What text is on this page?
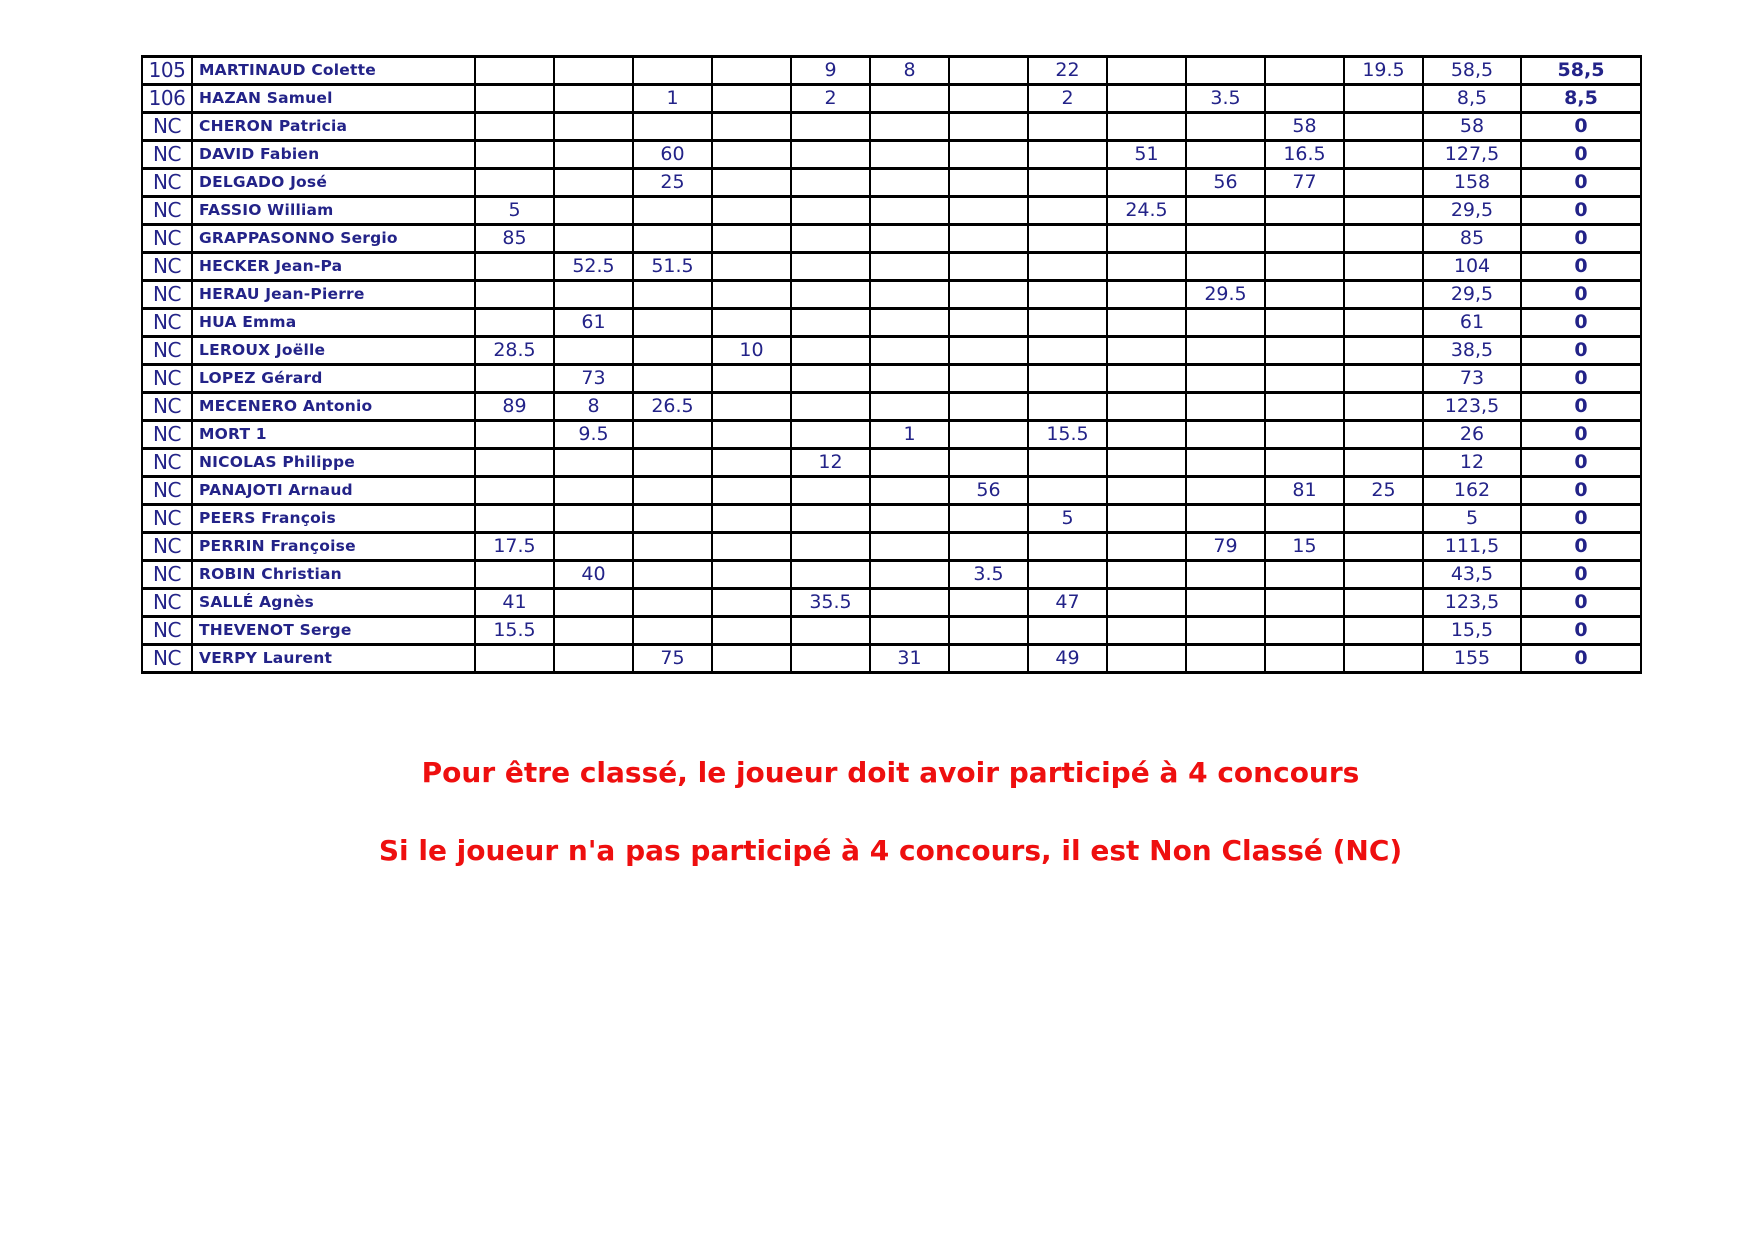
105	MARTINAUD Colette					9	8		22				19.5	58,5	58,5
106	HAZAN Samuel			1		2			2		3.5			8,5	8,5
NC	CHERON Patricia											58		58	0
NC	DAVID Fabien			60						51		16.5		127,5	0
NC	DELGADO José			25							56	77		158	0
NC	FASSIO William	5								24.5				29,5	0
NC	GRAPPASONNO Sergio	85												85	0
NC	HECKER Jean-Pa		52.5	51.5										104	0
NC	HERAU Jean-Pierre										29.5			29,5	0
NC	HUA Emma		61											61	0
NC	LEROUX Joëlle	28.5			10									38,5	0
NC	LOPEZ Gérard		73											73	0
NC	MECENERO Antonio	89	8	26.5										123,5	0
NC	MORT 1		9.5				1		15.5					26	0
NC	NICOLAS Philippe					12								12	0
NC	PANAJOTI Arnaud							56				81	25	162	0
NC	PEERS François								5					5	0
NC	PERRIN Françoise	17.5									79	15		111,5	0
NC	ROBIN Christian		40					3.5						43,5	0
NC	SALLÉ Agnès	41				35.5			47					123,5	0
NC	THEVENOT Serge	15.5												15,5	0
NC	VERPY Laurent			75			31		49					155	0
Pour être classé, le joueur doit avoir participé à 4 concours
Si le joueur n'a pas participé à 4 concours, il est Non Classé (NC)
